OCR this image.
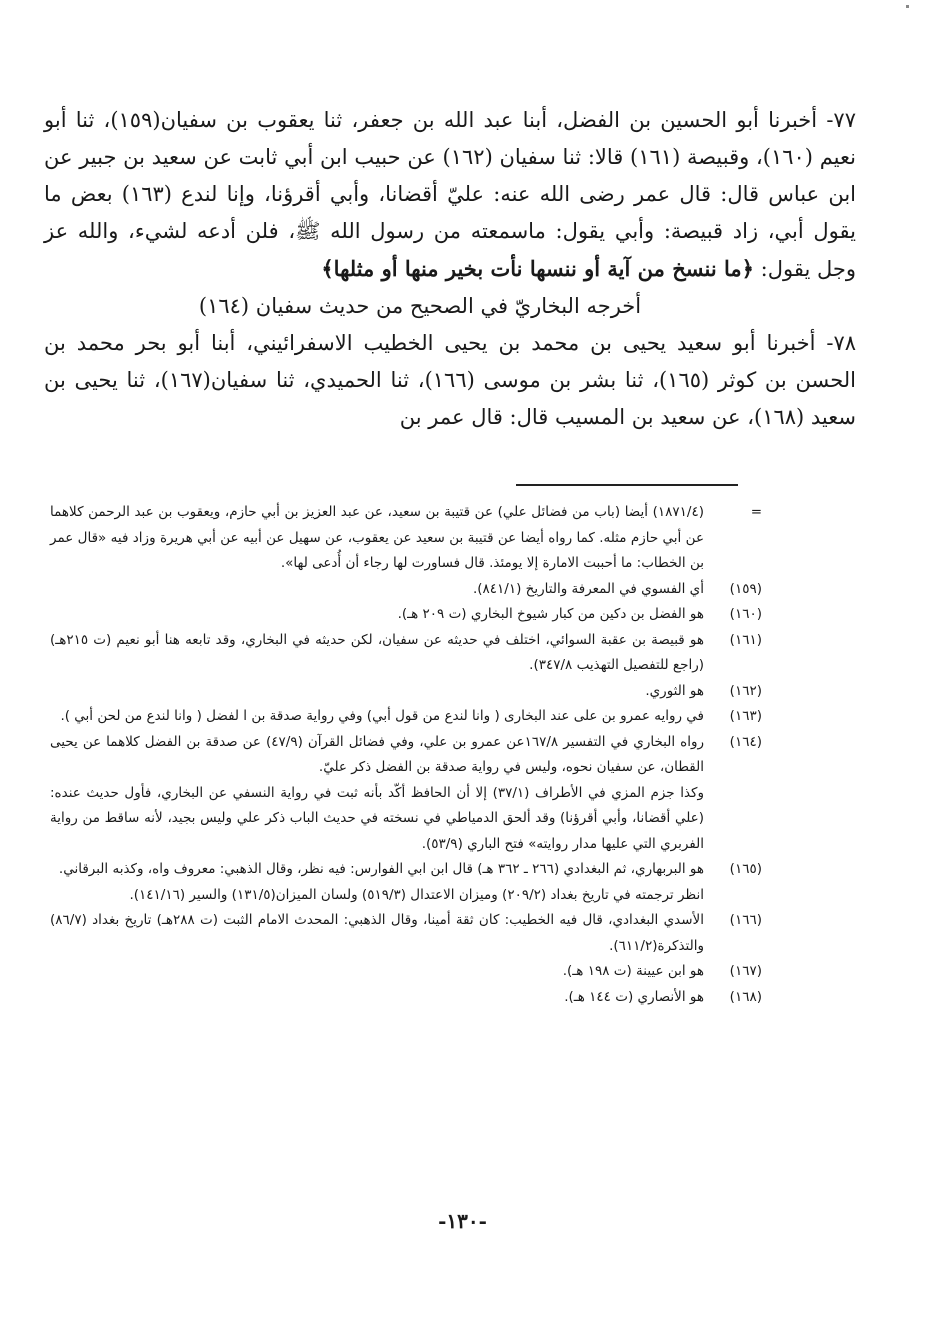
٧٧- أخبرنا أبو الحسين بن الفضل، أبنا عبد الله بن جعفر، ثنا يعقوب بن سفيان(١٥٩)، ثنا أبو نعيم (١٦٠)، وقبيصة (١٦١) قالا: ثنا سفيان (١٦٢) عن حبيب ابن أبي ثابت عن سعيد بن جبير عن ابن عباس قال: قال عمر رضى الله عنه: عليّ أقضانا، وأبي أقرؤنا، وإنا لندع (١٦٣) بعض ما يقول أبي، زاد قبيصة: وأبي يقول: ماسمعته من رسول الله ﷺ، فلن أدعه لشيء، والله عز وجل يقول: ﴿ما ننسخ من آية أو ننسها نأت بخير منها أو مثلها﴾

أخرجه البخاريّ في الصحيح من حديث سفيان (١٦٤)

٧٨- أخبرنا أبو سعيد يحيى بن محمد بن يحيى الخطيب الاسفرائيني، أبنا أبو بحر محمد بن الحسن بن كوثر (١٦٥)، ثنا بشر بن موسى (١٦٦)، ثنا الحميدي، ثنا سفيان(١٦٧)، ثنا يحيى بن سعيد (١٦٨)، عن سعيد بن المسيب قال: قال عمر بن

=

(١٨٧١/٤) أيضا (باب من فضائل علي) عن قتيبة بن سعيد، عن عبد العزيز بن أبي حازم، ويعقوب بن عبد الرحمن كلاهما عن أبي حازم مثله. كما رواه أيضا عن قتيبة بن سعيد عن يعقوب، عن سهيل عن أبيه عن أبي هريرة وزاد فيه «قال عمر بن الخطاب: ما أحببت الامارة إلا يومئذ. قال فساورت لها رجاء أن أُدعى لها».

(١٥٩)

أي الفسوي في المعرفة والتاريخ (٨٤١/١).

(١٦٠)

هو الفضل بن دكين من كبار شيوخ البخاري (ت ٢٠٩ هـ).

(١٦١)

هو قبيصة بن عقبة السوائي، اختلف في حديثه عن سفيان، لكن حديثه في البخاري، وقد تابعه هنا أبو نعيم (ت ٢١٥هـ) (راجع للتفصيل التهذيب ٣٤٧/٨).

(١٦٢)

هو الثوري.

(١٦٣)

في روايه عمرو بن على عند البخارى ( وانا لندع من قول أبي) وفي رواية صدقة بن ا لفضل ( وانا لندع من لحن أبي ).

(١٦٤)

رواه البخاري في التفسير ١٦٧/٨عن عمرو بن علي، وفي فضائل القرآن (٤٧/٩) عن صدقة بن الفضل كلاهما عن يحيى القطان، عن سفيان نحوه، وليس في رواية صدقة بن الفضل ذكر عليّ.

وكذا جزم المزي في الأطراف (٣٧/١) إلا أن الحافظ أكّد بأنه ثبت في رواية النسفي عن البخاري، فأول حديث عنده: (علي أقضانا، وأبي أقرؤنا) وقد ألحق الدمياطي في نسخته في حديث الباب ذكر علي وليس بجيد، لأنه ساقط من رواية الفربري التي عليها مدار روايته» فتح الباري (٥٣/٩).

(١٦٥)

هو البربهاري، ثم البغدادي (٢٦٦ ـ ٣٦٢ هـ) قال ابن ابي الفوارس: فيه نظر، وقال الذهبي: معروف واه، وكذبه البرقاني.

انظر ترجمته في تاريخ بغداد (٢٠٩/٢) وميزان الاعتدال (٥١٩/٣) ولسان الميزان(١٣١/٥) والسير (١٤١/١٦).

(١٦٦)

الأسدي البغدادي، قال فيه الخطيب: كان ثقة أمينا، وقال الذهبي: المحدث الامام الثبت (ت ٢٨٨هـ) تاريخ بغداد (٨٦/٧) والتذكرة(٦١١/٢).

(١٦٧)

هو ابن عيينة (ت ١٩٨ هـ).

(١٦٨)

هو الأنصاري (ت ١٤٤ هـ).

-١٣٠-
